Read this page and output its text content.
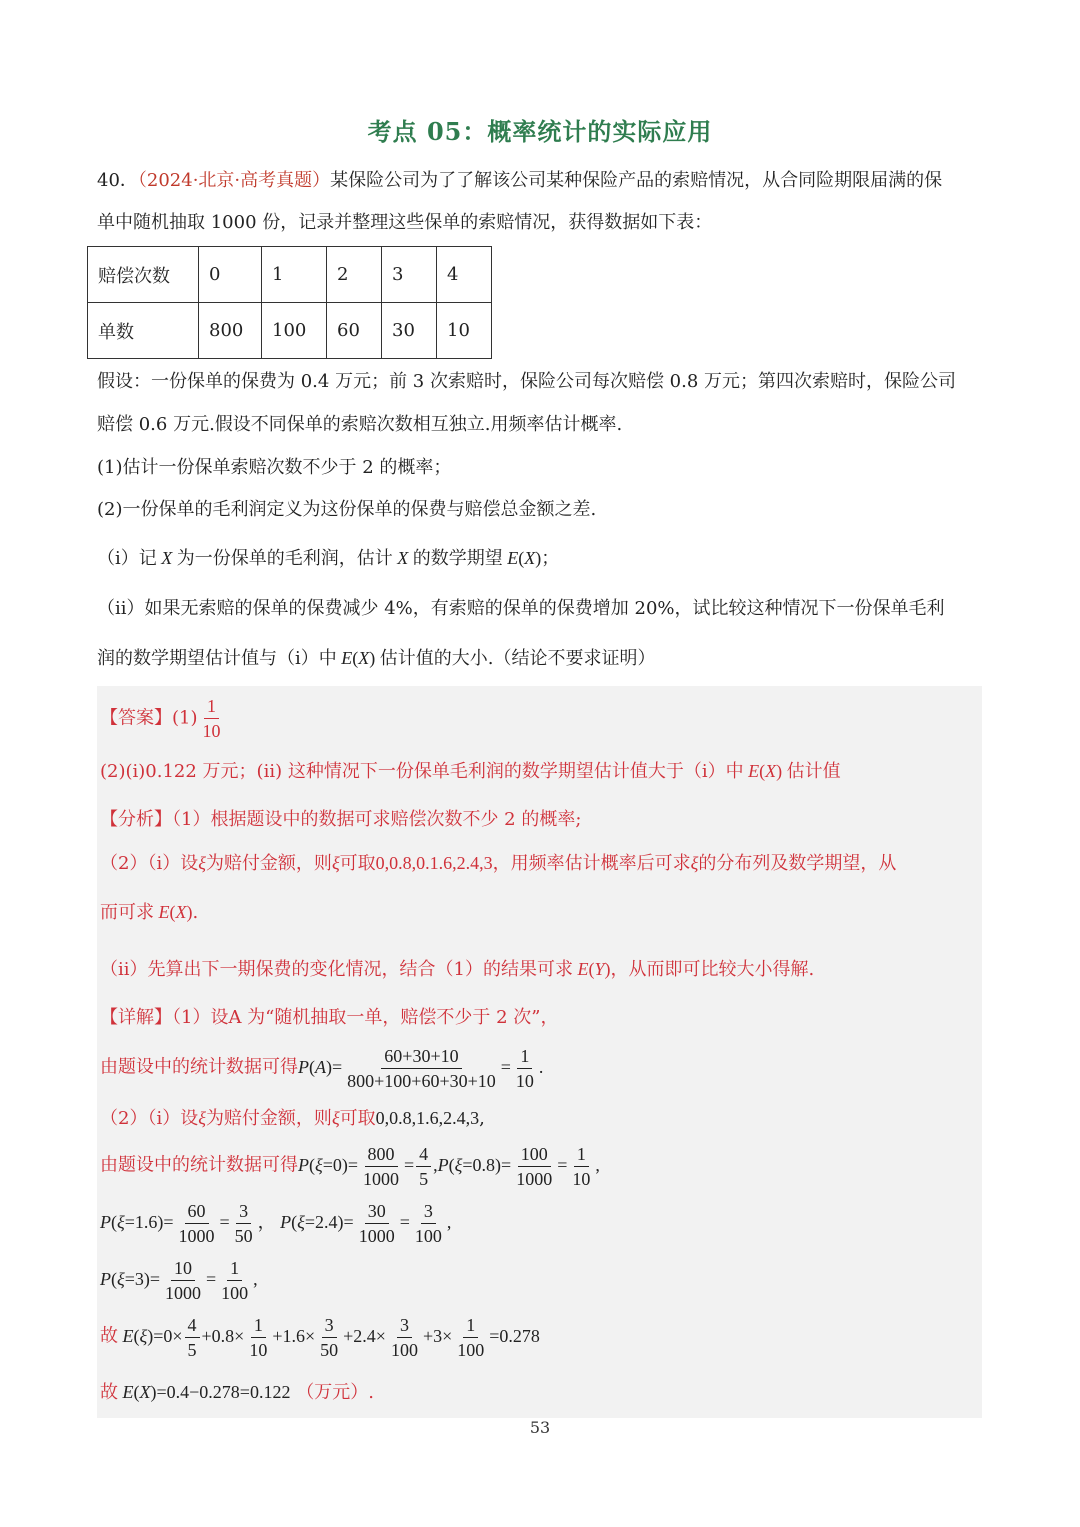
考点 05：概率统计的实际应用
40．（2024·北京·高考真题）某保险公司为了了解该公司某种保险产品的索赔情况，从合同险期限届满的保
单中随机抽取 1000 份，记录并整理这些保单的索赔情况，获得数据如下表：
赔偿次数	0	1	2	3	4
单数	800	100	60	30	10
假设：一份保单的保费为 0.4 万元；前 3 次索赔时，保险公司每次赔偿 0.8 万元；第四次索赔时，保险公司
赔偿 0.6 万元.假设不同保单的索赔次数相互独立.用频率估计概率.
(1)估计一份保单索赔次数不少于 2 的概率；
(2)一份保单的毛利润定义为这份保单的保费与赔偿总金额之差.
（i）记 X 为一份保单的毛利润，估计 X 的数学期望 E(X)；
（ii）如果无索赔的保单的保费减少 4%，有索赔的保单的保费增加 20%，试比较这种情况下一份保单毛利
润的数学期望估计值与（i）中 E(X) 估计值的大小.（结论不要求证明）
【答案】$(1) \frac{1}{10}$
(2)(i)0.122 万元；(ii) 这种情况下一份保单毛利润的数学期望估计值大于（i）中 E(X) 估计值
【分析】（1）根据题设中的数据可求赔偿次数不少 2 的概率;
（2）（i）设ξ为赔付金额，则ξ可取0,0.8,0.1.6,2.4,3，用频率估计概率后可求ξ的分布列及数学期望，从
而可求 E(X).
（ii）先算出下一期保费的变化情况，结合（1）的结果可求 E(Y)，从而即可比较大小得解.
【详解】（1）设A 为“随机抽取一单，赔偿不少于 2 次”，
由题设中的统计数据可得$P(A)= \frac{60+30+10}{800+100+60+30+10} = \frac{1}{10}$ .
（2）（i）设ξ为赔付金额，则ξ可取0,0.8,1.6,2.4,3,
由题设中的统计数据可得$P(\xi=0)= \frac{800}{1000} = \frac{4}{5} ,P(\xi=0.8)= \frac{100}{1000} = \frac{1}{10}$ ,
$P(\xi=1.6)= \frac{60}{1000} = \frac{3}{50}$ ， $P(\xi=2.4)= \frac{30}{1000} = \frac{3}{100}$ ,
$P(\xi=3)= \frac{10}{1000} = \frac{1}{100}$ ,
故 $E(\xi)=0\times \frac{4}{5} +0.8\times \frac{1}{10} +1.6\times \frac{3}{50} +2.4\times \frac{3}{100} +3\times \frac{1}{100} =0.278$
故 E(X)=0.4−0.278=0.122 （万元）.
53
